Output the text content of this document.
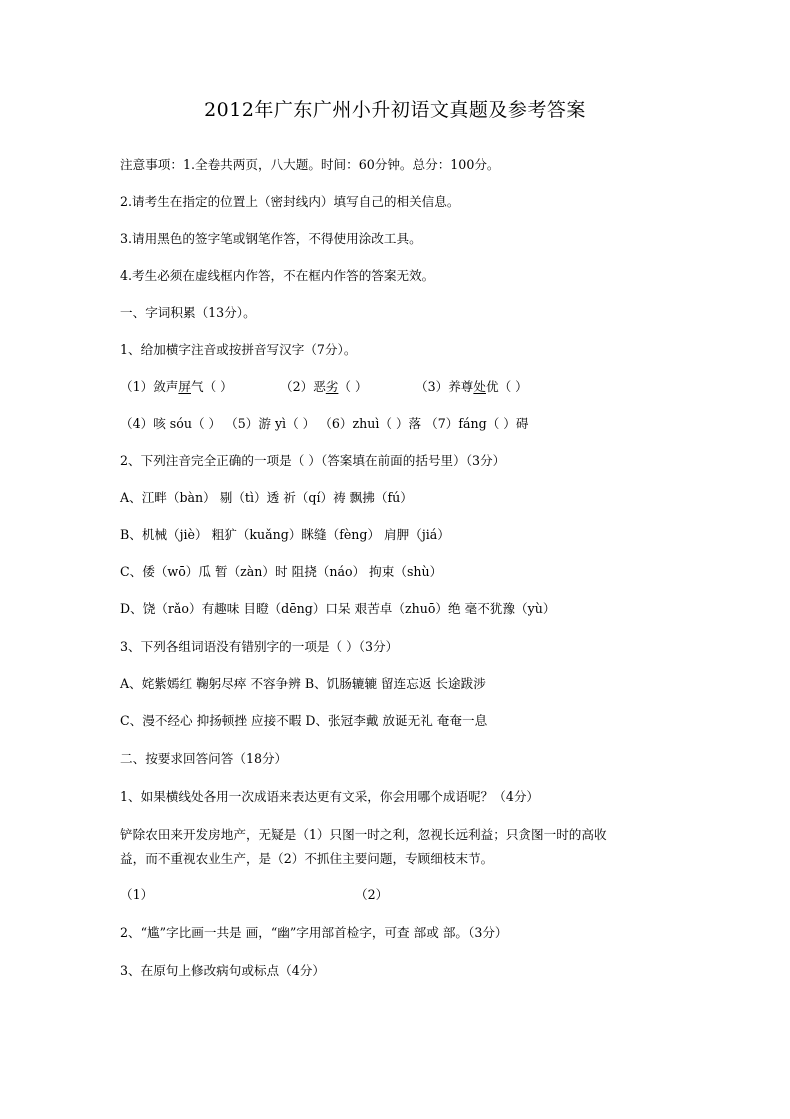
2012年广东广州小升初语文真题及参考答案
注意事项：1.全卷共两页，八大题。时间：60分钟。总分：100分。
2.请考生在指定的位置上（密封线内）填写自己的相关信息。
3.请用黑色的签字笔或钢笔作答，不得使用涂改工具。
4.考生必须在虚线框内作答，不在框内作答的答案无效。
一、字词积累（13分）。
1、给加横字注音或按拼音写汉字（7分）。
（1）敛声屏气（ ）	（2）恶劣（ ）	（3）养尊处优（ ）
（4）咳 sóu（ ） （5）游 yì（ ） （6）zhuì（ ）落 （7）fáng（ ）碍
2、下列注音完全正确的一项是（ ）（答案填在前面的括号里）（3分）
A、江畔（bàn） 剔（tì）透 祈（qí）祷 飘拂（fú）
B、机械（jiè） 粗犷（kuǎng）眯缝（fèng） 肩胛（jiá）
C、倭（wō）瓜 暂（zàn）时 阻挠（náo） 拘束（shù）
D、饶（rǎo）有趣味 目瞪（dēng）口呆 艰苦卓（zhuō）绝 毫不犹豫（yù）
3、下列各组词语没有错别字的一项是（ ）（3分）
A、姹紫嫣红 鞠躬尽瘁 不容争辨 B、饥肠辘辘 留连忘返 长途跋涉
C、漫不经心 抑扬顿挫 应接不暇 D、张冠李戴 放诞无礼 奄奄一息
二、按要求回答问答（18分）
1、如果横线处各用一次成语来表达更有文采，你会用哪个成语呢？（4分）
铲除农田来开发房地产，无疑是（1）只图一时之利，忽视长远利益；只贪图一时的高收
益，而不重视农业生产，是（2）不抓住主要问题，专顾细枝末节。
（1）	（2）
2、“尴”字比画一共是 画，“幽”字用部首检字，可查 部或 部。（3分）
3、在原句上修改病句或标点（4分）
